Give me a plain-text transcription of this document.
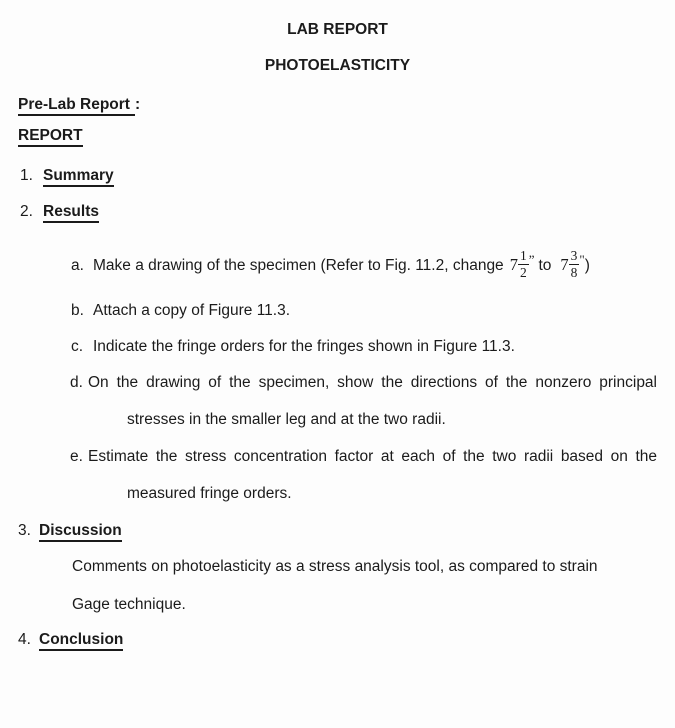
LAB REPORT
PHOTOELASTICITY
Pre-Lab Report :
REPORT
1. Summary
2. Results
a. Make a drawing of the specimen (Refer to Fig. 11.2, change $7 \frac{1}{2} ^”$ to $7 \frac{3}{8} ^"$)
b. Attach a copy of Figure 11.3.
c. Indicate the fringe orders for the fringes shown in Figure 11.3.
d. On the drawing of the specimen, show the directions of the nonzero principal
stresses in the smaller leg and at the two radii.
e. Estimate the stress concentration factor at each of the two radii based on the
measured fringe orders.
3. Discussion
Comments on photoelasticity as a stress analysis tool, as compared to strain
Gage technique.
4. Conclusion
